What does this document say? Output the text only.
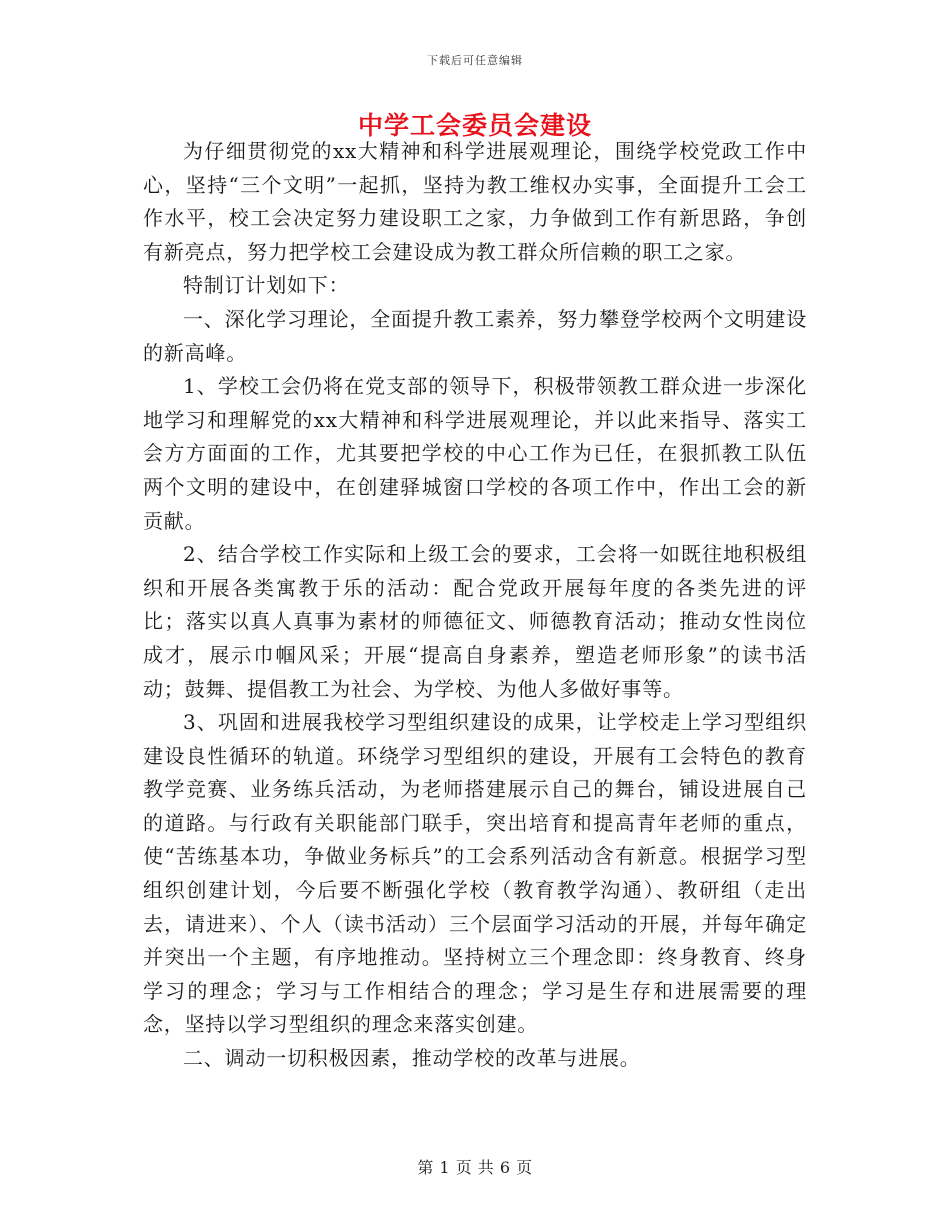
下载后可任意编辑
中学工会委员会建设

为仔细贯彻党的xx大精神和科学进展观理论，围绕学校党政工作中心，坚持“三个文明”一起抓，坚持为教工维权办实事，全面提升工会工作水平，校工会决定努力建设职工之家，力争做到工作有新思路，争创有新亮点，努力把学校工会建设成为教工群众所信赖的职工之家。

特制订计划如下：

一、深化学习理论，全面提升教工素养，努力攀登学校两个文明建设的新高峰。

1、学校工会仍将在党支部的领导下，积极带领教工群众进一步深化地学习和理解党的xx大精神和科学进展观理论，并以此来指导、落实工会方方面面的工作，尤其要把学校的中心工作为已任，在狠抓教工队伍两个文明的建设中，在创建驿城窗口学校的各项工作中，作出工会的新贡献。

2、结合学校工作实际和上级工会的要求，工会将一如既往地积极组织和开展各类寓教于乐的活动：配合党政开展每年度的各类先进的评比；落实以真人真事为素材的师德征文、师德教育活动；推动女性岗位成才，展示巾帼风采；开展“提高自身素养，塑造老师形象”的读书活动；鼓舞、提倡教工为社会、为学校、为他人多做好事等。

3、巩固和进展我校学习型组织建设的成果，让学校走上学习型组织建设良性循环的轨道。环绕学习型组织的建设，开展有工会特色的教育教学竞赛、业务练兵活动，为老师搭建展示自己的舞台，铺设进展自己的道路。与行政有关职能部门联手，突出培育和提高青年老师的重点，使“苦练基本功，争做业务标兵”的工会系列活动含有新意。根据学习型组织创建计划，今后要不断强化学校（教育教学沟通）、教研组（走出去，请进来）、个人（读书活动）三个层面学习活动的开展，并每年确定并突出一个主题，有序地推动。坚持树立三个理念即：终身教育、终身学习的理念；学习与工作相结合的理念；学习是生存和进展需要的理念，坚持以学习型组织的理念来落实创建。

二、调动一切积极因素，推动学校的改革与进展。

第 1 页 共 6 页
